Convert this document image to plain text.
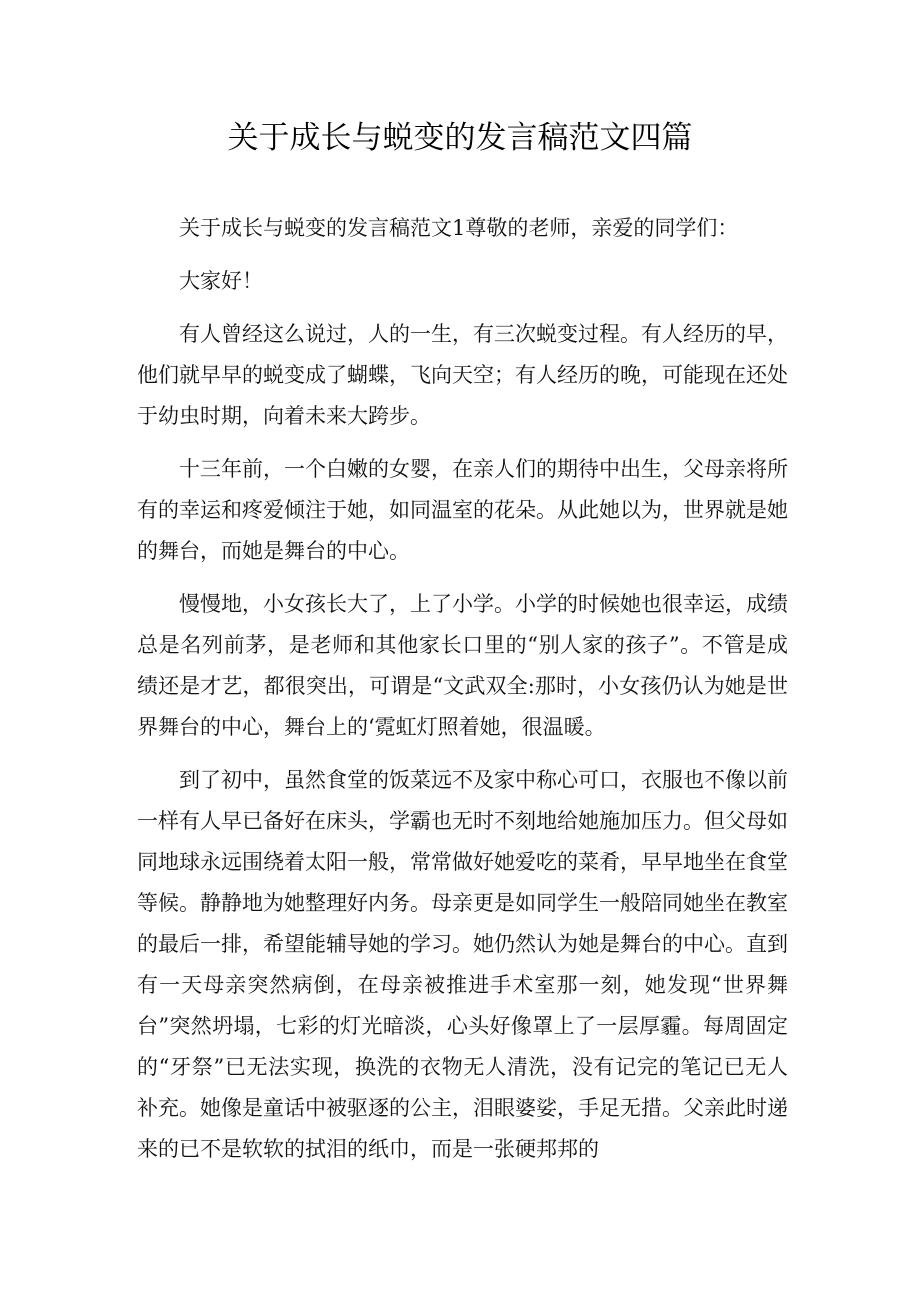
关于成长与蜕变的发言稿范文四篇

关于成长与蜕变的发言稿范文1尊敬的老师，亲爱的同学们：

大家好！

有人曾经这么说过，人的一生，有三次蜕变过程。有人经历的早，他们就早早的蜕变成了蝴蝶，飞向天空；有人经历的晚，可能现在还处于幼虫时期，向着未来大跨步。

十三年前，一个白嫩的女婴，在亲人们的期待中出生，父母亲将所有的幸运和疼爱倾注于她，如同温室的花朵。从此她以为，世界就是她的舞台，而她是舞台的中心。

慢慢地，小女孩长大了，上了小学。小学的时候她也很幸运，成绩总是名列前茅，是老师和其他家长口里的“别人家的孩子”。不管是成绩还是才艺，都很突出，可谓是“文武双全:那时，小女孩仍认为她是世界舞台的中心，舞台上的‘霓虹灯照着她，很温暖。

到了初中，虽然食堂的饭菜远不及家中称心可口，衣服也不像以前一样有人早已备好在床头，学霸也无时不刻地给她施加压力。但父母如同地球永远围绕着太阳一般，常常做好她爱吃的菜肴，早早地坐在食堂等候。静静地为她整理好内务。母亲更是如同学生一般陪同她坐在教室的最后一排，希望能辅导她的学习。她仍然认为她是舞台的中心。直到有一天母亲突然病倒，在母亲被推进手术室那一刻，她发现“世界舞台”突然坍塌，七彩的灯光暗淡，心头好像罩上了一层厚霾。每周固定的“牙祭”已无法实现，换洗的衣物无人清洗，没有记完的笔记已无人补充。她像是童话中被驱逐的公主，泪眼婆娑，手足无措。父亲此时递来的已不是软软的拭泪的纸巾，而是一张硬邦邦的
